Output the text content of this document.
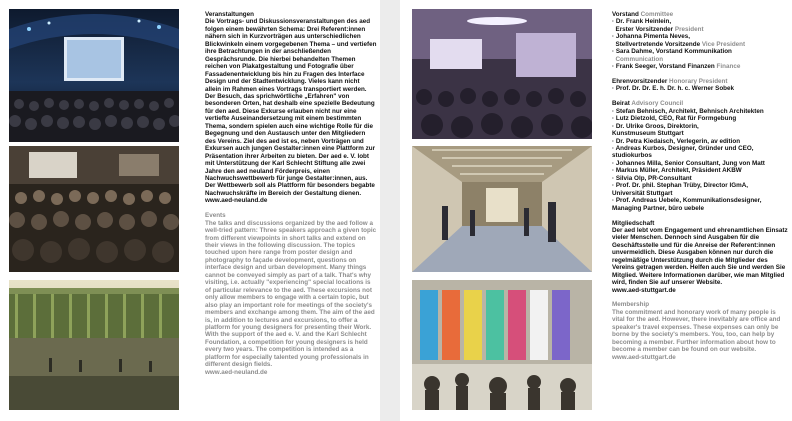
Veranstaltungen

Die Vortrags- und Diskussionsveranstaltungen des aed folgen einem bewährten Schema: Drei Referent:innen nähern sich in Kurzvorträgen aus unterschiedlichen Blickwinkeln einem vorgegebenen Thema – und vertiefen ihre Betrachtungen in der anschließenden Gesprächsrunde. Die hierbei behandelten Themen reichen von Plakatgestaltung und Fotografie über Fassadenentwicklung bis hin zu Fragen des Interface Design und der Stadtentwicklung. Vieles kann nicht allein im Rahmen eines Vortrags transportiert werden. Der Besuch, das sprichwörtliche „Erfahren" von besonderen Orten, hat deshalb eine spezielle Bedeutung für den aed. Diese Exkurse erlauben nicht nur eine vertiefte Auseinandersetzung mit einem bestimmten Thema, sondern spielen auch eine wichtige Rolle für die Begegnung und den Austausch unter den Mitgliedern des Vereins. Ziel des aed ist es, neben Vorträgen und Exkursen auch jungen Gestalter:innen eine Plattform zur Präsentation ihrer Arbeiten zu bieten. Der aed e. V. lobt mit Unterstützung der Karl Schlecht Stiftung alle zwei Jahre den aed neuland Förderpreis, einen Nachwuchswettbewerb für junge Gestalter:innen, aus. Der Wettbewerb soll als Plattform für besonders begabte Nachwuchskräfte im Bereich der Gestaltung dienen.

www.aed-neuland.de

Events

The talks and discussions organized by the aed follow a well-tried pattern: Three speakers approach a given topic from different viewpoints in short talks and extend on their views in the following discussion. The topics touched upon here range from poster design and photography to façade development, questions on interface design and urban development. Many things cannot be conveyed simply as part of a talk. That's why visiting, i.e. actually "experiencing" special locations is of particular relevance to the aed. These excursions not only allow members to engage with a certain topic, but also play an important role for meetings of the society's members and exchange among them. The aim of the aed is, in addition to lectures and excursions, to offer a platform for young designers for presenting their Work. With the support of the aed e. V. and the Karl Schlecht Foundation, a competition for young designers is held every two years. The competition is intended as a platform for especially talented young professionals in different design fields.

www.aed-neuland.de

Vorstand Committee

· Dr. Frank Heinlein,

Erster Vorsitzender President

· Johanna Pimenta Neves,

Stellvertretende Vorsitzende Vice President

· Sara Dahme, Vorstand Kommunikation

Communication

· Frank Seeger, Vorstand Finanzen Finance

Ehrenvorsitzender Honorary President

· Prof. Dr. Dr. E. h. Dr. h. c. Werner Sobek

Beirat Advisory Council

· Stefan Behnisch, Architekt, Behnisch Architekten

· Lutz Dietzold, CEO, Rat für Formgebung

· Dr. Ulrike Groos, Direktorin,
Kunstmuseum Stuttgart

· Dr. Petra Kiedaisch, Verlegerin, av edition

· Andreas Kurbos, Designer, Gründer und CEO,
studiokurbos

· Johannes Milla, Senior Consultant, Jung von Matt

· Markus Müller, Architekt, Präsident AKBW

· Silvia Olp, PR-Consultant

· Prof. Dr. phil. Stephan Trüby, Director IGmA,
Universität Stuttgart

· Prof. Andreas Uebele, Kommunikationsdesigner,
Managing Partner, büro uebele

Mitgliedschaft

Der aed lebt vom Engagement und ehrenamtlichen Einsatz vieler Menschen. Dennoch sind Ausgaben für die Geschäftsstelle und für die Anreise der Referent:innen unvermeidlich. Diese Ausgaben können nur durch die regelmäßige Unterstützung durch die Mitglieder des Vereins getragen werden. Helfen auch Sie und werden Sie Mitglied. Weitere Informationen darüber, wie man Mitglied wird, finden Sie auf unserer Website.

www.aed-stuttgart.de

Membership

The commitment and honorary work of many people is vital for the aed. However, there inevitably are office and speaker's travel expenses. These expenses can only be borne by the society's members. You, too, can help by becoming a member. Further information about how to become a member can be found on our website.

www.aed-stuttgart.de
